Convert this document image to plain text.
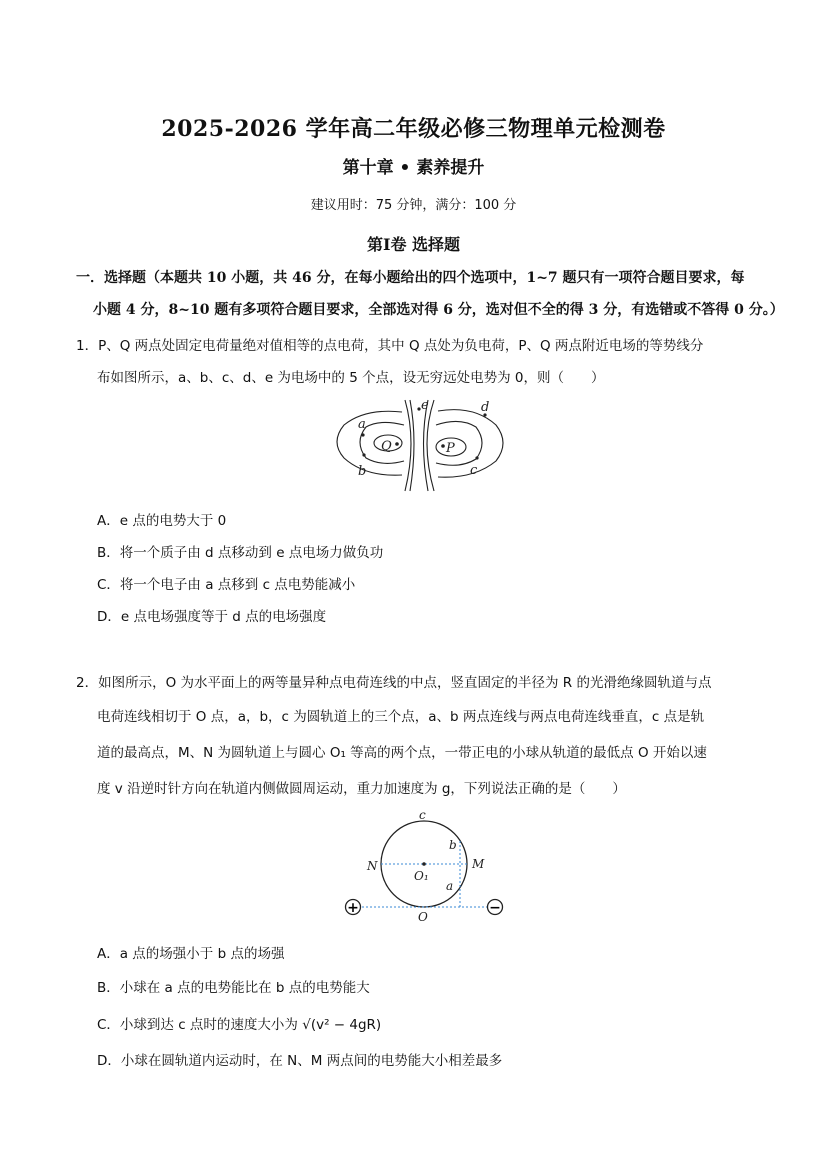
2025-2026 学年高二年级必修三物理单元检测卷
第十章 • 素养提升
建议用时：75 分钟，满分：100 分
第Ⅰ卷 选择题
一．选择题（本题共 10 小题，共 46 分，在每小题给出的四个选项中，1~7 题只有一项符合题目要求，每
小题 4 分，8~10 题有多项符合题目要求，全部选对得 6 分，选对但不全的得 3 分，有选错或不答得 0 分。）
1．P、Q 两点处固定电荷量绝对值相等的点电荷，其中 Q 点处为负电荷，P、Q 两点附近电场的等势线分
布如图所示，a、b、c、d、e 为电场中的 5 个点，设无穷远处电势为 0，则（　　）
a
b	c
d
e
P
Q
A．e 点的电势大于 0
B．将一个质子由 d 点移动到 e 点电场力做负功
C．将一个电子由 a 点移到 c 点电势能减小
D．e 点电场强度等于 d 点的电场强度
2．如图所示，O 为水平面上的两等量异种点电荷连线的中点，竖直固定的半径为 R 的光滑绝缘圆轨道与点
电荷连线相切于 O 点，a，b，c 为圆轨道上的三个点，a、b 两点连线与两点电荷连线垂直，c 点是轨
道的最高点，M、N 为圆轨道上与圆心 O₁ 等高的两个点，一带正电的小球从轨道的最低点 O 开始以速
度 v 沿逆时针方向在轨道内侧做圆周运动，重力加速度为 g，下列说法正确的是（　　）
+	−
c
b
N	M
O₁
a
O
A．a 点的场强小于 b 点的场强
B．小球在 a 点的电势能比在 b 点的电势能大
C．小球到达 c 点时的速度大小为 √(v² − 4gR)
D．小球在圆轨道内运动时，在 N、M 两点间的电势能大小相差最多
